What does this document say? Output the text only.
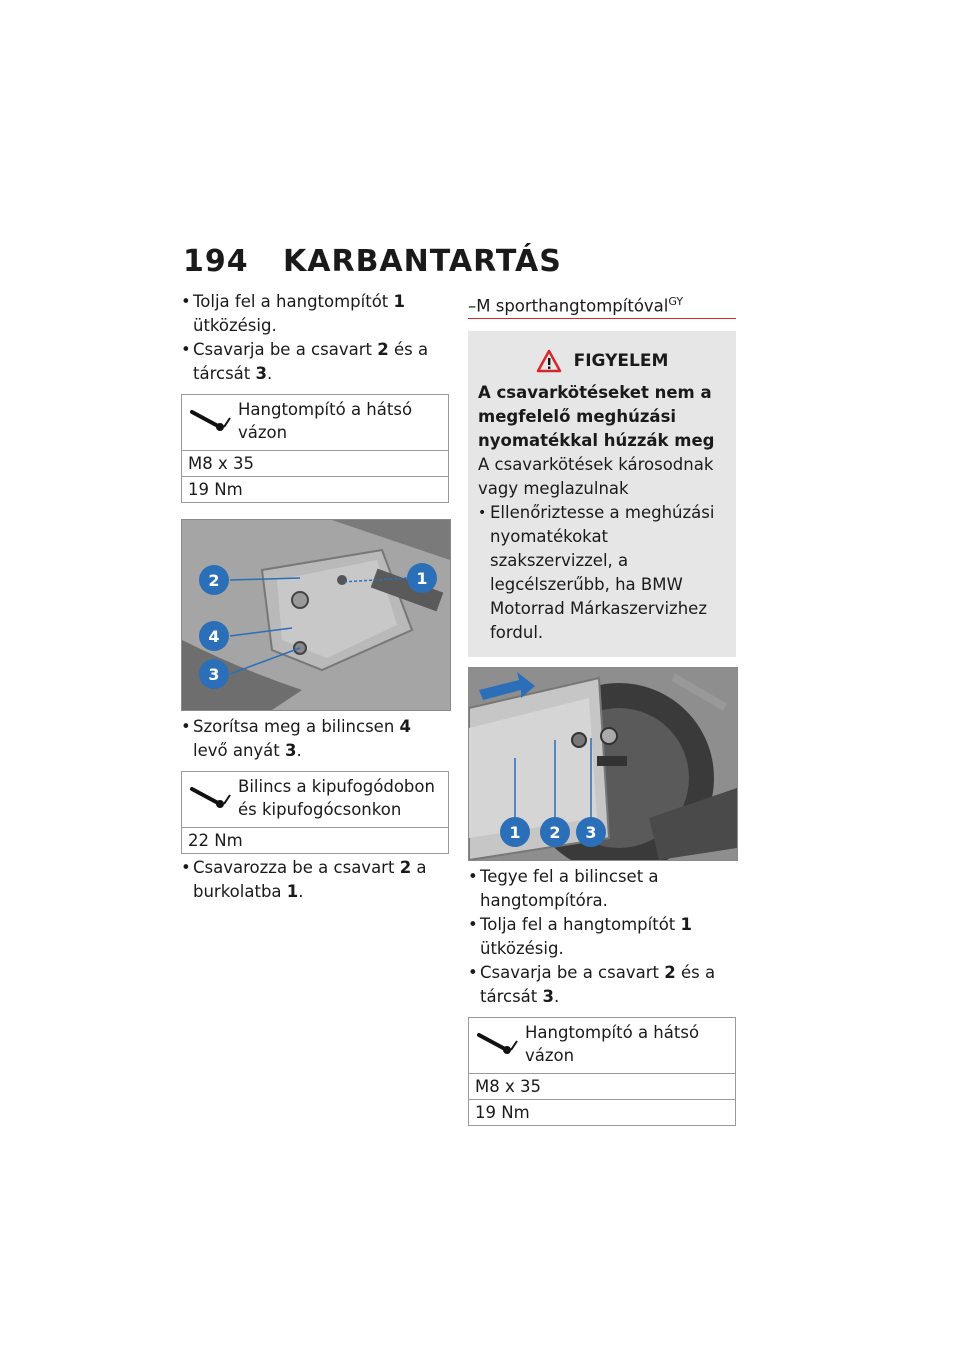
194	KARBANTARTÁS
• Tolja fel a hangtompítót 1 ütközésig.
• Csavarja be a csavart 2 és a tárcsát 3.
Hangtompító a hátsó vázon
M8 x 35
19 Nm
2	1
4
3
• Szorítsa meg a bilincsen 4 levő anyát 3.
Bilincs a kipufogódobon és kipufogócsonkon
22 Nm
• Csavarozza be a csavart 2 a burkolatba 1.
–M sporthangtompítóval$^{GY}$
FIGYELEM
A csavarkötéseket nem a megfelelő meghúzási nyomatékkal húzzák meg
A csavarkötések károsodnak vagy meglazulnak
• Ellenőriztesse a meghúzási nyomatékokat szakszervizzel, a legcélszerűbb, ha BMW Motorrad Márkaszervizhez fordul.
1 2 3
• Tegye fel a bilincset a hangtompítóra.
• Tolja fel a hangtompítót 1 ütközésig.
• Csavarja be a csavart 2 és a tárcsát 3.
Hangtompító a hátsó vázon
M8 x 35
19 Nm
